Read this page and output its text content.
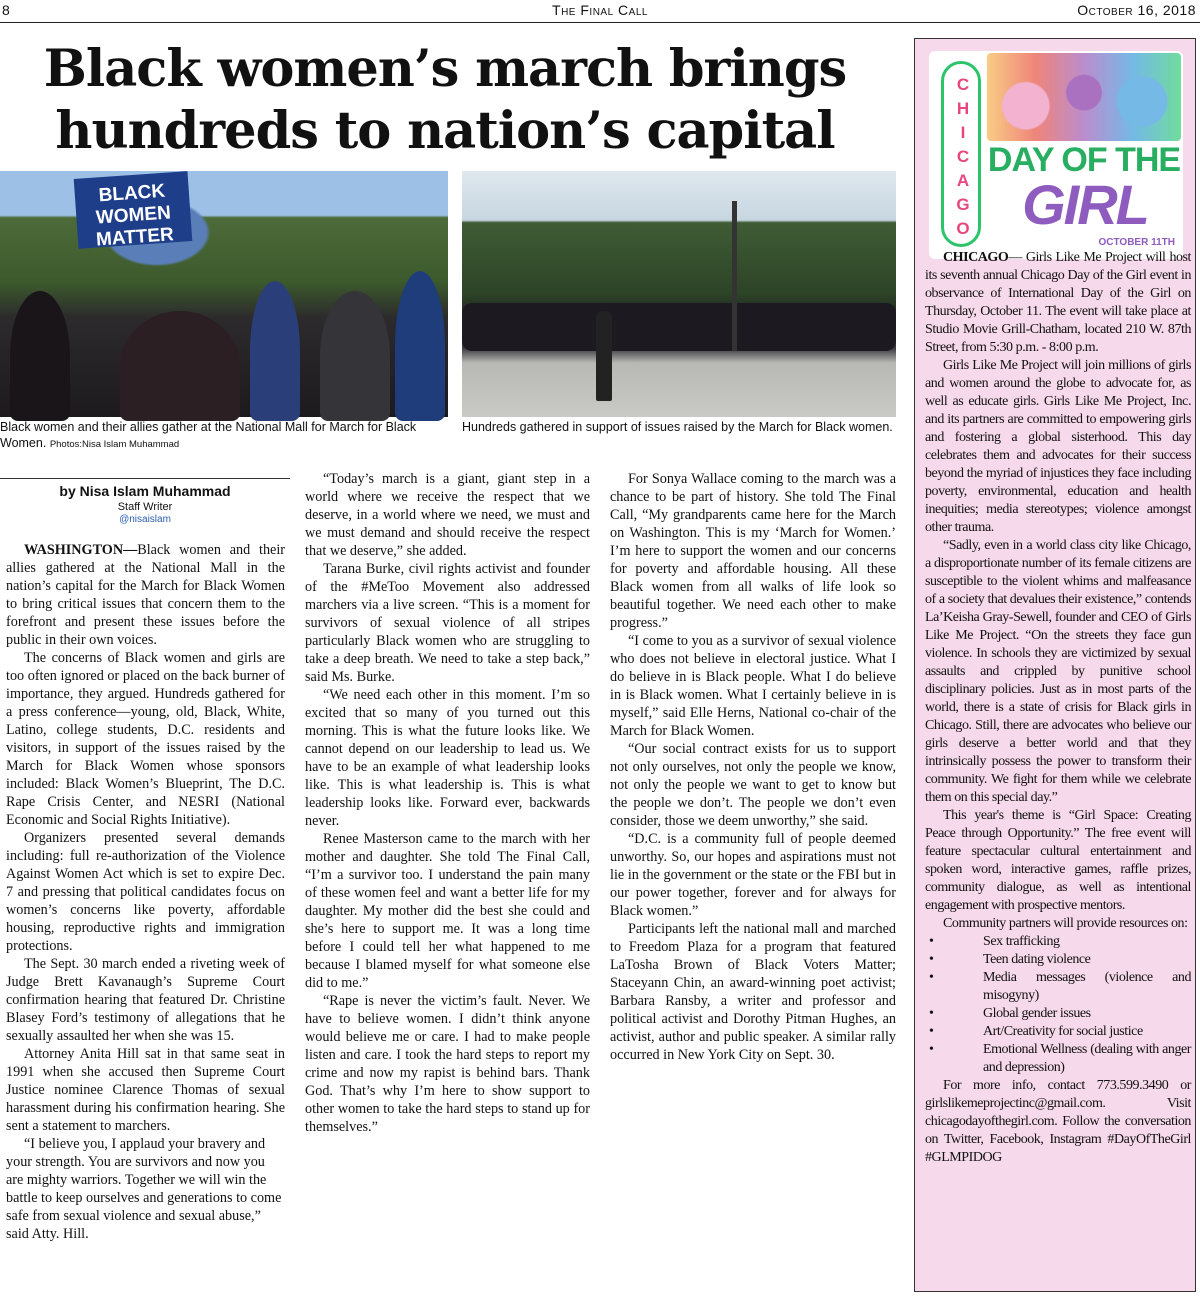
8	The Final Call	October 16, 2018
Black women’s march brings
hundreds to nation’s capital
BLACK WOMEN MATTER
Black women and their allies gather at the National Mall for March for Black Women. Photos:Nisa Islam Muhammad
Hundreds gathered in support of issues raised by the March for Black women.
by Nisa Islam Muhammad
Staff Writer
@nisaislam

WASHINGTON—Black women and their allies gathered at the National Mall in the nation’s capital for the March for Black Women to bring critical issues that concern them to the forefront and present these issues before the public in their own voices.

The concerns of Black women and girls are too often ignored or placed on the back burner of importance, they argued. Hundreds gathered for a press conference—young, old, Black, White, Latino, college students, D.C. residents and visitors, in support of the issues raised by the March for Black Women whose sponsors included: Black Women’s Blueprint, The D.C. Rape Crisis Center, and NESRI (National Economic and Social Rights Initiative).

Organizers presented several demands including: full re-authorization of the Violence Against Women Act which is set to expire Dec. 7 and pressing that political candidates focus on women’s concerns like poverty, affordable housing, reproductive rights and immigration protections.

The Sept. 30 march ended a riveting week of Judge Brett Kavanaugh’s Supreme Court confirmation hearing that featured Dr. Christine Blasey Ford’s testimony of allegations that he sexually assaulted her when she was 15.

Attorney Anita Hill sat in that same seat in 1991 when she accused then Supreme Court Justice nominee Clarence Thomas of sexual harassment during his confirmation hearing. She sent a statement to marchers.

“I believe you, I applaud your bravery and your strength. You are survivors and now you are mighty warriors. Together we will win the battle to keep ourselves and generations to come safe from sexual violence and sexual abuse,” said Atty. Hill.

“Today’s march is a giant, giant step in a world where we receive the respect that we deserve, in a world where we need, we must and we must demand and should receive the respect that we deserve,” she added.

Tarana Burke, civil rights activist and founder of the #MeToo Movement also addressed marchers via a live screen. “This is a moment for survivors of sexual violence of all stripes particularly Black women who are struggling to take a deep breath. We need to take a step back,” said Ms. Burke.

“We need each other in this moment. I’m so excited that so many of you turned out this morning. This is what the future looks like. We cannot depend on our leadership to lead us. We have to be an example of what leadership looks like. This is what leadership is. This is what leadership looks like. Forward ever, backwards never.

Renee Masterson came to the march with her mother and daughter. She told The Final Call, “I’m a survivor too. I understand the pain many of these women feel and want a better life for my daughter. My mother did the best she could and she’s here to support me. It was a long time before I could tell her what happened to me because I blamed myself for what someone else did to me.”

“Rape is never the victim’s fault. Never. We have to believe women. I didn’t think anyone would believe me or care. I had to make people listen and care. I took the hard steps to report my crime and now my rapist is behind bars. Thank God. That’s why I’m here to show support to other women to take the hard steps to stand up for themselves.”

For Sonya Wallace coming to the march was a chance to be part of history. She told The Final Call, “My grandparents came here for the March on Washington. This is my ‘March for Women.’ I’m here to support the women and our concerns for poverty and affordable housing. All these Black women from all walks of life look so beautiful together. We need each other to make progress.”

“I come to you as a survivor of sexual violence who does not believe in electoral justice. What I do believe in is Black people. What I do believe in is Black women. What I certainly believe in is myself,” said Elle Herns, National co-chair of the March for Black Women.

“Our social contract exists for us to support not only ourselves, not only the people we know, not only the people we want to get to know but the people we don’t. The people we don’t even consider, those we deem unworthy,” she said.

“D.C. is a community full of people deemed unworthy. So, our hopes and aspirations must not lie in the government or the state or the FBI but in our power together, forever and for always for Black women.”

Participants left the national mall and marched to Freedom Plaza for a program that featured LaTosha Brown of Black Voters Matter; Staceyann Chin, an award-winning poet activist; Barbara Ransby, a writer and professor and political activist and Dorothy Pitman Hughes, an activist, author and public speaker. A similar rally occurred in New York City on Sept. 30.

C
H
I
C
A
G
O
DAY OF THE
GIRL
OCTOBER 11TH

CHICAGO— Girls Like Me Project will host its seventh annual Chicago Day of the Girl event in observance of International Day of the Girl on Thursday, October 11. The event will take place at Studio Movie Grill-Chatham, located 210 W. 87th Street, from 5:30 p.m. - 8:00 p.m.

Girls Like Me Project will join millions of girls and women around the globe to advocate for, as well as educate girls. Girls Like Me Project, Inc. and its partners are committed to empowering girls and fostering a global sisterhood. This day celebrates them and advocates for their success beyond the myriad of injustices they face including poverty, environmental, education and health inequities; media stereotypes; violence amongst other trauma.

“Sadly, even in a world class city like Chicago, a disproportionate number of its female citizens are susceptible to the violent whims and malfeasance of a society that devalues their existence,” contends La’Keisha Gray-Sewell, founder and CEO of Girls Like Me Project. “On the streets they face gun violence. In schools they are victimized by sexual assaults and crippled by punitive school disciplinary policies. Just as in most parts of the world, there is a state of crisis for Black girls in Chicago. Still, there are advocates who believe our girls deserve a better world and that they intrinsically possess the power to transform their community. We fight for them while we celebrate them on this special day.”

This year's theme is “Girl Space: Creating Peace through Opportunity.” The free event will feature spectacular cultural entertainment and spoken word, interactive games, raffle prizes, community dialogue, as well as intentional engagement with prospective mentors.

Community partners will provide resources on:

•	Sex trafficking
•	Teen dating violence
•	Media messages (violence and misogyny)
•	Global gender issues
•	Art/Creativity for social justice
•	Emotional Wellness (dealing with anger and depression)

For more info, contact 773.599.3490 or girlslikemeprojectinc@gmail.com. Visit chicagodayofthegirl.com. Follow the conversation on Twitter, Facebook, Instagram #DayOfTheGirl #GLMPIDOG
